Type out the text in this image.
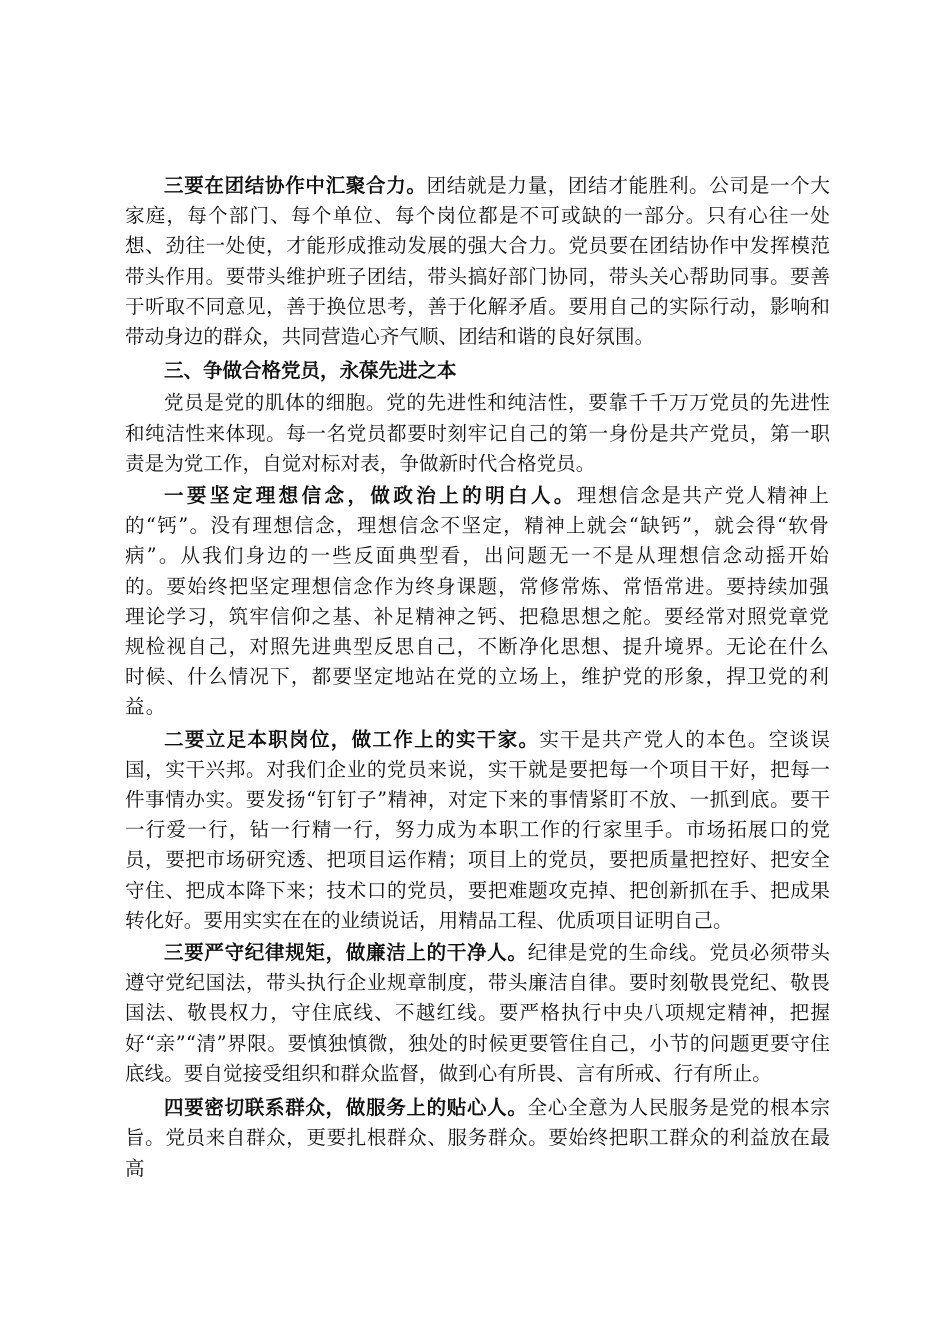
三要在团结协作中汇聚合力。团结就是力量，团结才能胜利。公司是一个大家庭，每个部门、每个单位、每个岗位都是不可或缺的一部分。只有心往一处想、劲往一处使，才能形成推动发展的强大合力。党员要在团结协作中发挥模范带头作用。要带头维护班子团结，带头搞好部门协同，带头关心帮助同事。要善于听取不同意见，善于换位思考，善于化解矛盾。要用自己的实际行动，影响和带动身边的群众，共同营造心齐气顺、团结和谐的良好氛围。

三、争做合格党员，永葆先进之本

党员是党的肌体的细胞。党的先进性和纯洁性，要靠千千万万党员的先进性和纯洁性来体现。每一名党员都要时刻牢记自己的第一身份是共产党员，第一职责是为党工作，自觉对标对表，争做新时代合格党员。

一要坚定理想信念，做政治上的明白人。理想信念是共产党人精神上的“钙”。没有理想信念，理想信念不坚定，精神上就会“缺钙”，就会得“软骨病”。从我们身边的一些反面典型看，出问题无一不是从理想信念动摇开始的。要始终把坚定理想信念作为终身课题，常修常炼、常悟常进。要持续加强理论学习，筑牢信仰之基、补足精神之钙、把稳思想之舵。要经常对照党章党规检视自己，对照先进典型反思自己，不断净化思想、提升境界。无论在什么时候、什么情况下，都要坚定地站在党的立场上，维护党的形象，捍卫党的利益。

二要立足本职岗位，做工作上的实干家。实干是共产党人的本色。空谈误国，实干兴邦。对我们企业的党员来说，实干就是要把每一个项目干好，把每一件事情办实。要发扬“钉钉子”精神，对定下来的事情紧盯不放、一抓到底。要干一行爱一行，钻一行精一行，努力成为本职工作的行家里手。市场拓展口的党员，要把市场研究透、把项目运作精；项目上的党员，要把质量把控好、把安全守住、把成本降下来；技术口的党员，要把难题攻克掉、把创新抓在手、把成果转化好。要用实实在在的业绩说话，用精品工程、优质项目证明自己。

三要严守纪律规矩，做廉洁上的干净人。纪律是党的生命线。党员必须带头遵守党纪国法，带头执行企业规章制度，带头廉洁自律。要时刻敬畏党纪、敬畏国法、敬畏权力，守住底线、不越红线。要严格执行中央八项规定精神，把握好“亲”“清”界限。要慎独慎微，独处的时候更要管住自己，小节的问题更要守住底线。要自觉接受组织和群众监督，做到心有所畏、言有所戒、行有所止。

四要密切联系群众，做服务上的贴心人。全心全意为人民服务是党的根本宗旨。党员来自群众，更要扎根群众、服务群众。要始终把职工群众的利益放在最高
